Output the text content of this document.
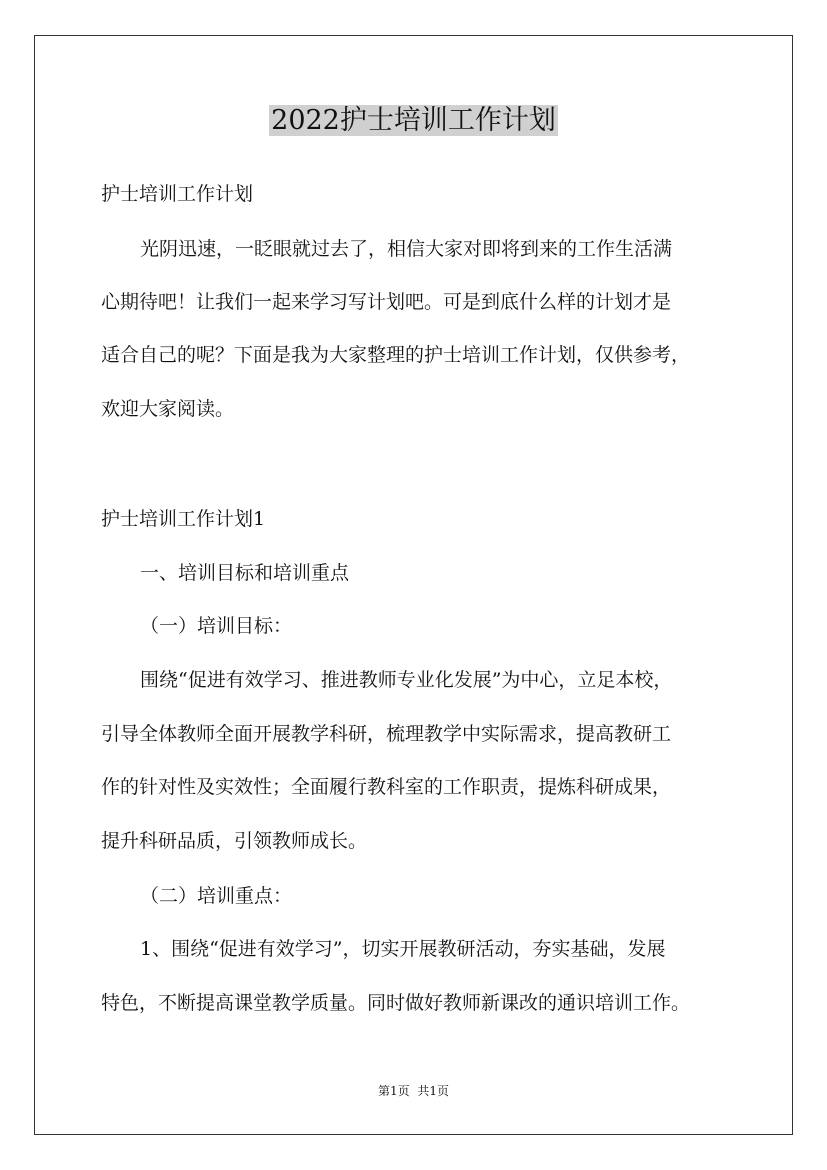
2022护士培训工作计划

护士培训工作计划

光阴迅速，一眨眼就过去了，相信大家对即将到来的工作生活满

心期待吧！让我们一起来学习写计划吧。可是到底什么样的计划才是

适合自己的呢？下面是我为大家整理的护士培训工作计划，仅供参考，

欢迎大家阅读。

护士培训工作计划1

一、培训目标和培训重点

（一）培训目标：

围绕“促进有效学习、推进教师专业化发展”为中心，立足本校，

引导全体教师全面开展教学科研，梳理教学中实际需求，提高教研工

作的针对性及实效性；全面履行教科室的工作职责，提炼科研成果，

提升科研品质，引领教师成长。

（二）培训重点：

1、围绕“促进有效学习”，切实开展教研活动，夯实基础，发展

特色，不断提高课堂教学质量。同时做好教师新课改的通识培训工作。

第1页 共1页
